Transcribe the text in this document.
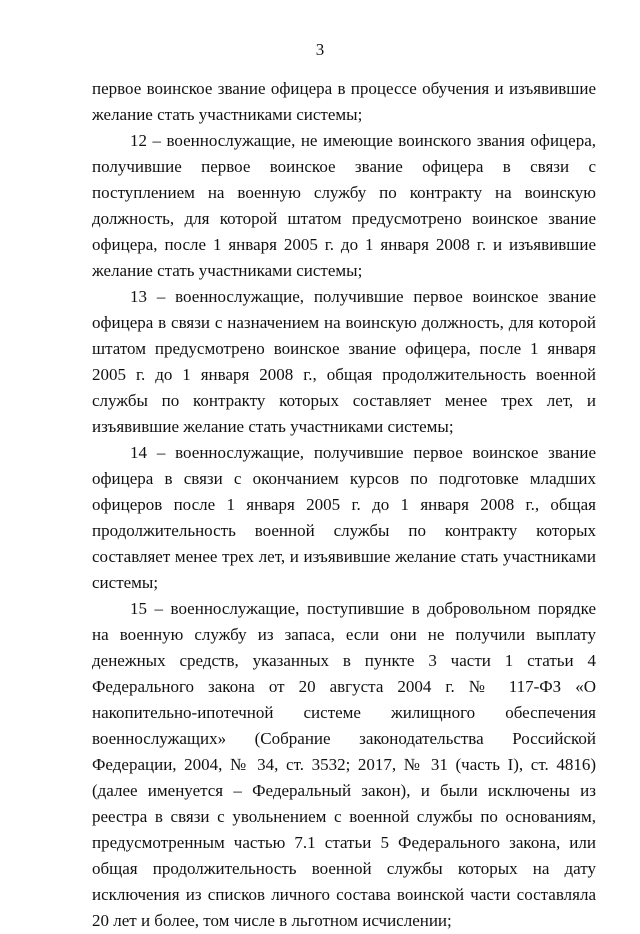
3

первое воинское звание офицера в процессе обучения и изъявившие желание стать участниками системы;

12 – военнослужащие, не имеющие воинского звания офицера, получившие первое воинское звание офицера в связи с поступлением на военную службу по контракту на воинскую должность, для которой штатом предусмотрено воинское звание офицера, после 1 января 2005 г. до 1 января 2008 г. и изъявившие желание стать участниками системы;

13 – военнослужащие, получившие первое воинское звание офицера в связи с назначением на воинскую должность, для которой штатом предусмотрено воинское звание офицера, после 1 января 2005 г. до 1 января 2008 г., общая продолжительность военной службы по контракту которых составляет менее трех лет, и изъявившие желание стать участниками системы;

14 – военнослужащие, получившие первое воинское звание офицера в связи с окончанием курсов по подготовке младших офицеров после 1 января 2005 г. до 1 января 2008 г., общая продолжительность военной службы по контракту которых составляет менее трех лет, и изъявившие желание стать участниками системы;

15 – военнослужащие, поступившие в добровольном порядке на военную службу из запаса, если они не получили выплату денежных средств, указанных в пункте 3 части 1 статьи 4 Федерального закона от 20 августа 2004 г. № 117-ФЗ «О накопительно-ипотечной системе жилищного обеспечения военнослужащих» (Собрание законодательства Российской Федерации, 2004, № 34, ст. 3532; 2017, № 31 (часть I), ст. 4816) (далее именуется – Федеральный закон), и были исключены из реестра в связи с увольнением с военной службы по основаниям, предусмотренным частью 7.1 статьи 5 Федерального закона, или общая продолжительность военной службы которых на дату исключения из списков личного состава воинской части составляла 20 лет и более, том числе в льготном исчислении;
